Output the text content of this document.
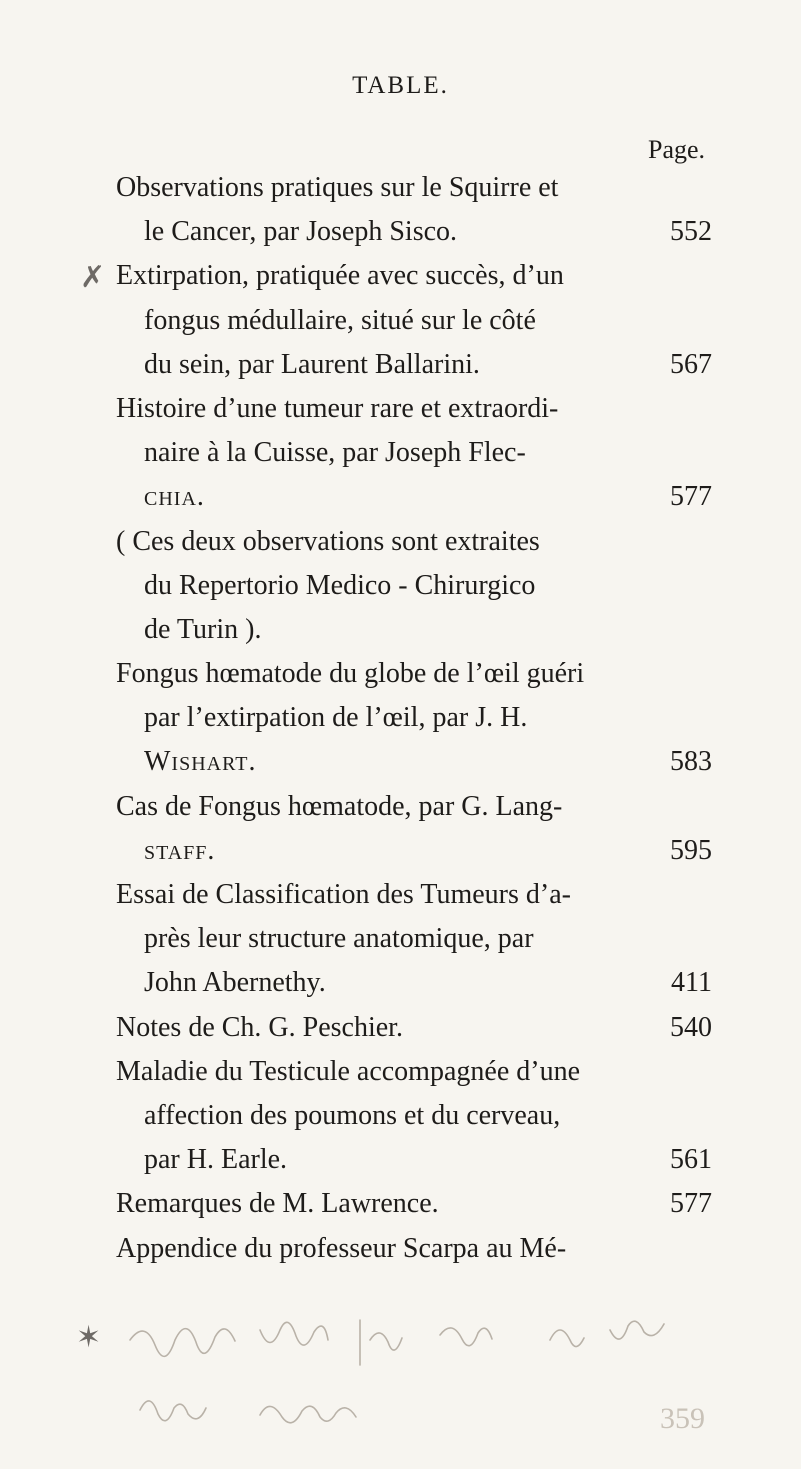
TABLE.
Page.
✗
✶
Observations pratiques sur le Squirre et
le Cancer, par Joseph Sisco.	552
Extirpation, pratiquée avec succès, d’un
fongus médullaire, situé sur le côté
du sein, par Laurent Ballarini.	567
Histoire d’une tumeur rare et extraordi-
naire à la Cuisse, par Joseph Flec-
chia.	577
( Ces deux observations sont extraites
du Repertorio Medico - Chirurgico
de Turin ).
Fongus hœmatode du globe de l’œil guéri
par l’extirpation de l’œil, par J. H.
Wishart.	583
Cas de Fongus hœmatode, par G. Lang-
staff.	595
Essai de Classification des Tumeurs d’a-
près leur structure anatomique, par
John Abernethy.	411
Notes de Ch. G. Peschier.	540
Maladie du Testicule accompagnée d’une
affection des poumons et du cerveau,
par H. Earle.	561
Remarques de M. Lawrence.	577
Appendice du professeur Scarpa au Mé-
359
